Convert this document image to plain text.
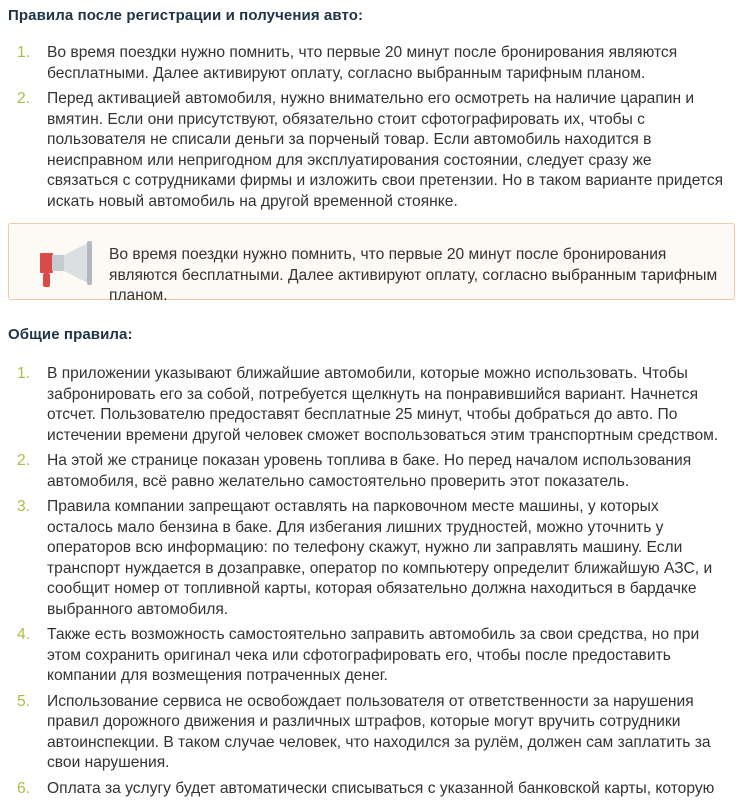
Правила после регистрации и получения авто:
1. Во время поездки нужно помнить, что первые 20 минут после бронирования являются бесплатными. Далее активируют оплату, согласно выбранным тарифным планом.
2. Перед активацией автомобиля, нужно внимательно его осмотреть на наличие царапин и вмятин. Если они присутствуют, обязательно стоит сфотографировать их, чтобы с пользователя не списали деньги за порченый товар. Если автомобиль находится в неисправном или непригодном для эксплуатирования состоянии, следует сразу же связаться с сотрудниками фирмы и изложить свои претензии. Но в таком варианте придется искать новый автомобиль на другой временной стоянке.
Во время поездки нужно помнить, что первые 20 минут после бронирования являются бесплатными. Далее активируют оплату, согласно выбранным тарифным планом.
Общие правила:
1. В приложении указывают ближайшие автомобили, которые можно использовать. Чтобы забронировать его за собой, потребуется щелкнуть на понравившийся вариант. Начнется отсчет. Пользователю предоставят бесплатные 25 минут, чтобы добраться до авто. По истечении времени другой человек сможет воспользоваться этим транспортным средством.
2. На этой же странице показан уровень топлива в баке. Но перед началом использования автомобиля, всё равно желательно самостоятельно проверить этот показатель.
3. Правила компании запрещают оставлять на парковочном месте машины, у которых осталось мало бензина в баке. Для избегания лишних трудностей, можно уточнить у операторов всю информацию: по телефону скажут, нужно ли заправлять машину. Если транспорт нуждается в дозаправке, оператор по компьютеру определит ближайшую АЗС, и сообщит номер от топливной карты, которая обязательно должна находиться в бардачке выбранного автомобиля.
4. Также есть возможность самостоятельно заправить автомобиль за свои средства, но при этом сохранить оригинал чека или сфотографировать его, чтобы после предоставить компании для возмещения потраченных денег.
5. Использование сервиса не освобождает пользователя от ответственности за нарушения правил дорожного движения и различных штрафов, которые могут вручить сотрудники автоинспекции. В таком случае человек, что находился за рулём, должен сам заплатить за свои нарушения.
6. Оплата за услугу будет автоматически списываться с указанной банковской карты, которую
